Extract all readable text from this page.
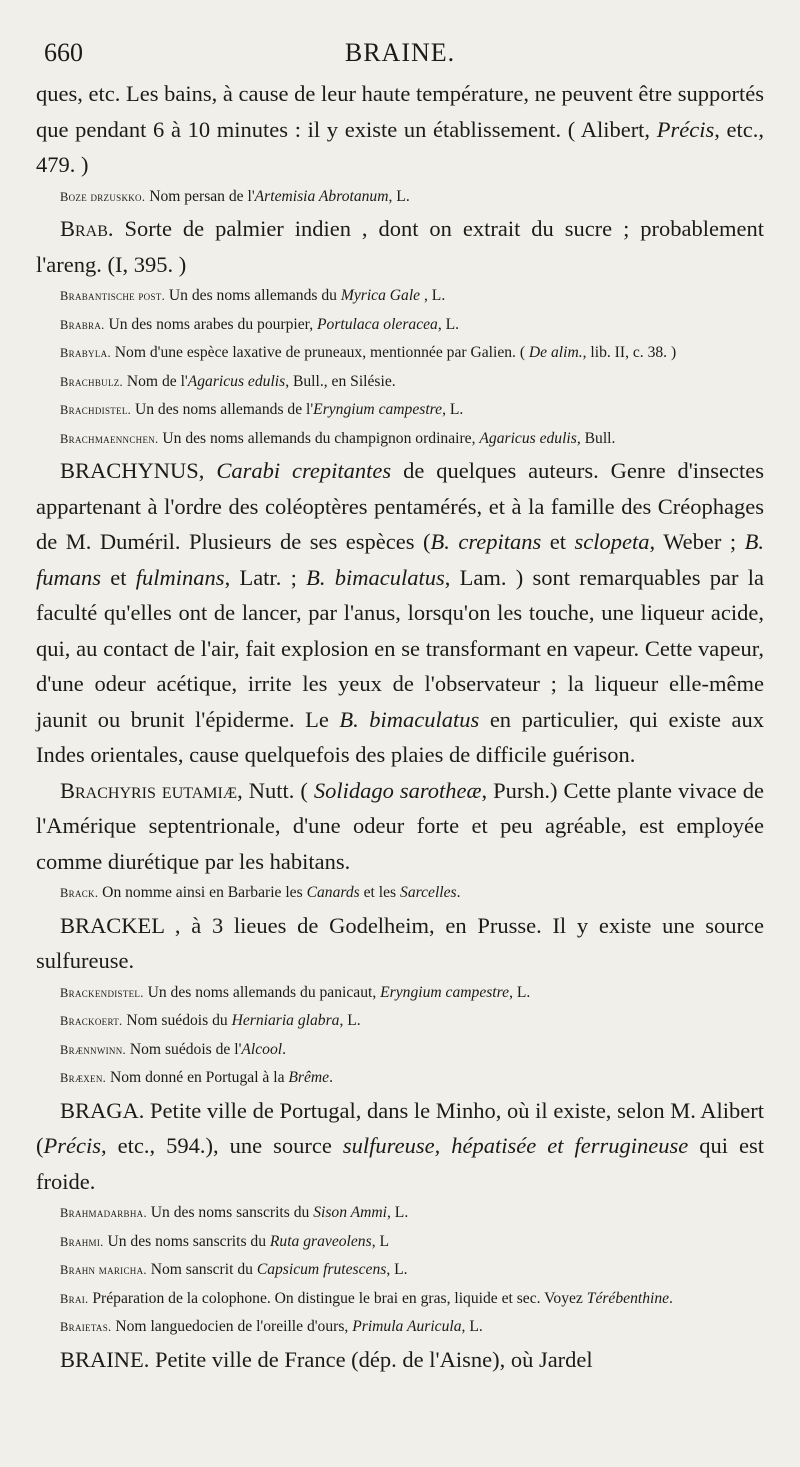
660	BRAINE.

ques, etc. Les bains, à cause de leur haute température, ne peuvent être supportés que pendant 6 à 10 minutes : il y existe un établissement. ( Alibert, Précis, etc., 479. )

Boze drzuskko. Nom persan de l'Artemisia Abrotanum, L.

Brab. Sorte de palmier indien , dont on extrait du sucre ; probablement l'areng. (I, 395. )

Brabantische post. Un des noms allemands du Myrica Gale , L.

Brabra. Un des noms arabes du pourpier, Portulaca oleracea, L.

Brabyla. Nom d'une espèce laxative de pruneaux, mentionnée par Galien. ( De alim., lib. II, c. 38. )

Brachbulz. Nom de l'Agaricus edulis, Bull., en Silésie.

Brachdistel. Un des noms allemands de l'Eryngium campestre, L.

Brachmaennchen. Un des noms allemands du champignon ordinaire, Agaricus edulis, Bull.

BRACHYNUS, Carabi crepitantes de quelques auteurs. Genre d'insectes appartenant à l'ordre des coléoptères pentamérés, et à la famille des Créophages de M. Duméril. Plusieurs de ses espèces (B. crepitans et sclopeta, Weber ; B. fumans et fulminans, Latr. ; B. bimaculatus, Lam. ) sont remarquables par la faculté qu'elles ont de lancer, par l'anus, lorsqu'on les touche, une liqueur acide, qui, au contact de l'air, fait explosion en se transformant en vapeur. Cette vapeur, d'une odeur acétique, irrite les yeux de l'observateur ; la liqueur elle-même jaunit ou brunit l'épiderme. Le B. bimaculatus en particulier, qui existe aux Indes orientales, cause quelquefois des plaies de difficile guérison.

Brachyris eutamiæ, Nutt. ( Solidago sarotheæ, Pursh.) Cette plante vivace de l'Amérique septentrionale, d'une odeur forte et peu agréable, est employée comme diurétique par les habitans.

Brack. On nomme ainsi en Barbarie les Canards et les Sarcelles.

BRACKEL , à 3 lieues de Godelheim, en Prusse. Il y existe une source sulfureuse.

Brackendistel. Un des noms allemands du panicaut, Eryngium campestre, L.

Brackoert. Nom suédois du Herniaria glabra, L.

Brænnwinn. Nom suédois de l'Alcool.

Bræxen. Nom donné en Portugal à la Brême.

BRAGA. Petite ville de Portugal, dans le Minho, où il existe, selon M. Alibert (Précis, etc., 594.), une source sulfureuse, hépatisée et ferrugineuse qui est froide.

Brahmadarbha. Un des noms sanscrits du Sison Ammi, L.

Brahmi. Un des noms sanscrits du Ruta graveolens, L

Brahn maricha. Nom sanscrit du Capsicum frutescens, L.

Brai. Préparation de la colophone. On distingue le brai en gras, liquide et sec. Voyez Térébenthine.

Braietas. Nom languedocien de l'oreille d'ours, Primula Auricula, L.

BRAINE. Petite ville de France (dép. de l'Aisne), où Jardel
